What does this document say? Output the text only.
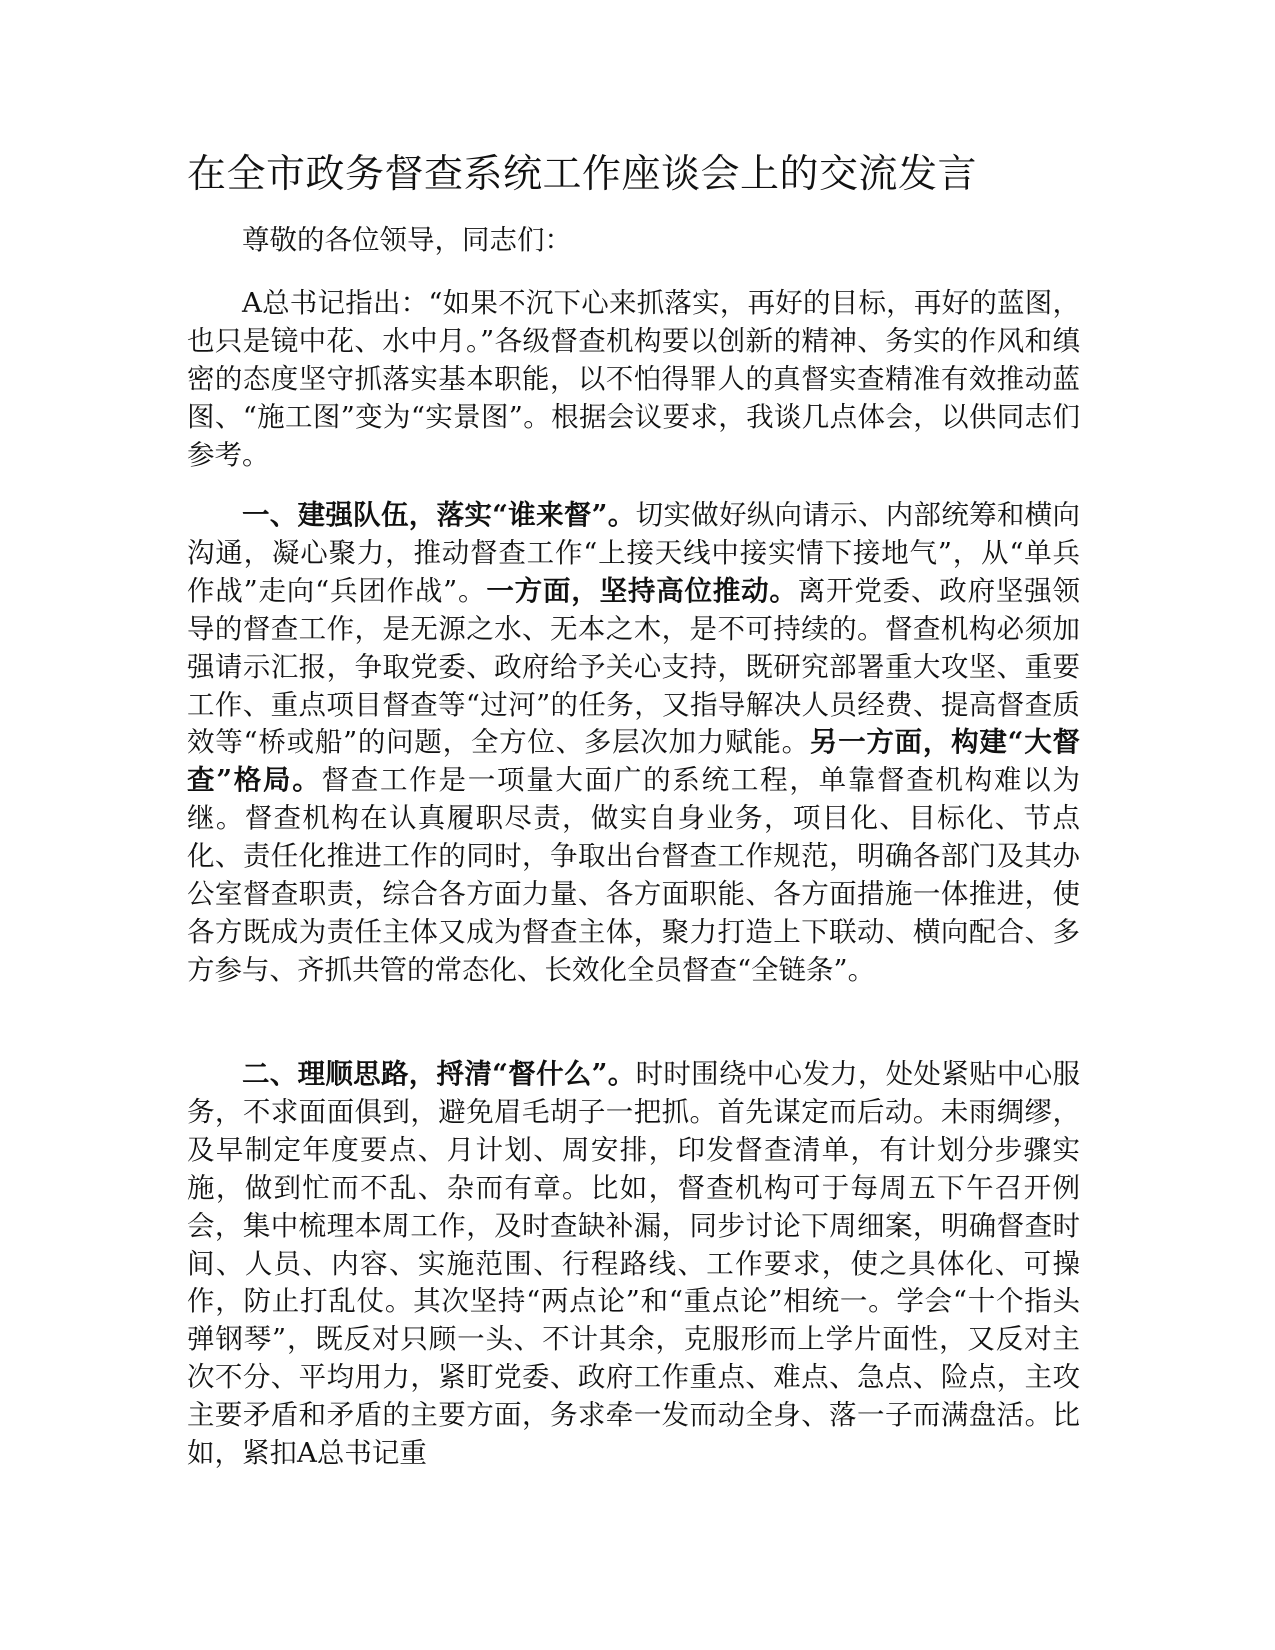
在全市政务督查系统工作座谈会上的交流发言

尊敬的各位领导，同志们：

A总书记指出：“如果不沉下心来抓落实，再好的目标，再好的蓝图，也只是镜中花、水中月。”各级督查机构要以创新的精神、务实的作风和缜密的态度坚守抓落实基本职能，以不怕得罪人的真督实查精准有效推动蓝图、“施工图”变为“实景图”。根据会议要求，我谈几点体会，以供同志们参考。

一、建强队伍，落实“谁来督”。切实做好纵向请示、内部统筹和横向沟通，凝心聚力，推动督查工作“上接天线中接实情下接地气”，从“单兵作战”走向“兵团作战”。一方面，坚持高位推动。离开党委、政府坚强领导的督查工作，是无源之水、无本之木，是不可持续的。督查机构必须加强请示汇报，争取党委、政府给予关心支持，既研究部署重大攻坚、重要工作、重点项目督查等“过河”的任务，又指导解决人员经费、提高督查质效等“桥或船”的问题，全方位、多层次加力赋能。另一方面，构建“大督查”格局。督查工作是一项量大面广的系统工程，单靠督查机构难以为继。督查机构在认真履职尽责，做实自身业务，项目化、目标化、节点化、责任化推进工作的同时，争取出台督查工作规范，明确各部门及其办公室督查职责，综合各方面力量、各方面职能、各方面措施一体推进，使各方既成为责任主体又成为督查主体，聚力打造上下联动、横向配合、多方参与、齐抓共管的常态化、长效化全员督查“全链条”。

二、理顺思路，捋清“督什么”。时时围绕中心发力，处处紧贴中心服务，不求面面俱到，避免眉毛胡子一把抓。首先谋定而后动。未雨绸缪，及早制定年度要点、月计划、周安排，印发督查清单，有计划分步骤实施，做到忙而不乱、杂而有章。比如，督查机构可于每周五下午召开例会，集中梳理本周工作，及时查缺补漏，同步讨论下周细案，明确督查时间、人员、内容、实施范围、行程路线、工作要求，使之具体化、可操作，防止打乱仗。其次坚持“两点论”和“重点论”相统一。学会“十个指头弹钢琴”，既反对只顾一头、不计其余，克服形而上学片面性，又反对主次不分、平均用力，紧盯党委、政府工作重点、难点、急点、险点，主攻主要矛盾和矛盾的主要方面，务求牵一发而动全身、落一子而满盘活。比如，紧扣A总书记重
